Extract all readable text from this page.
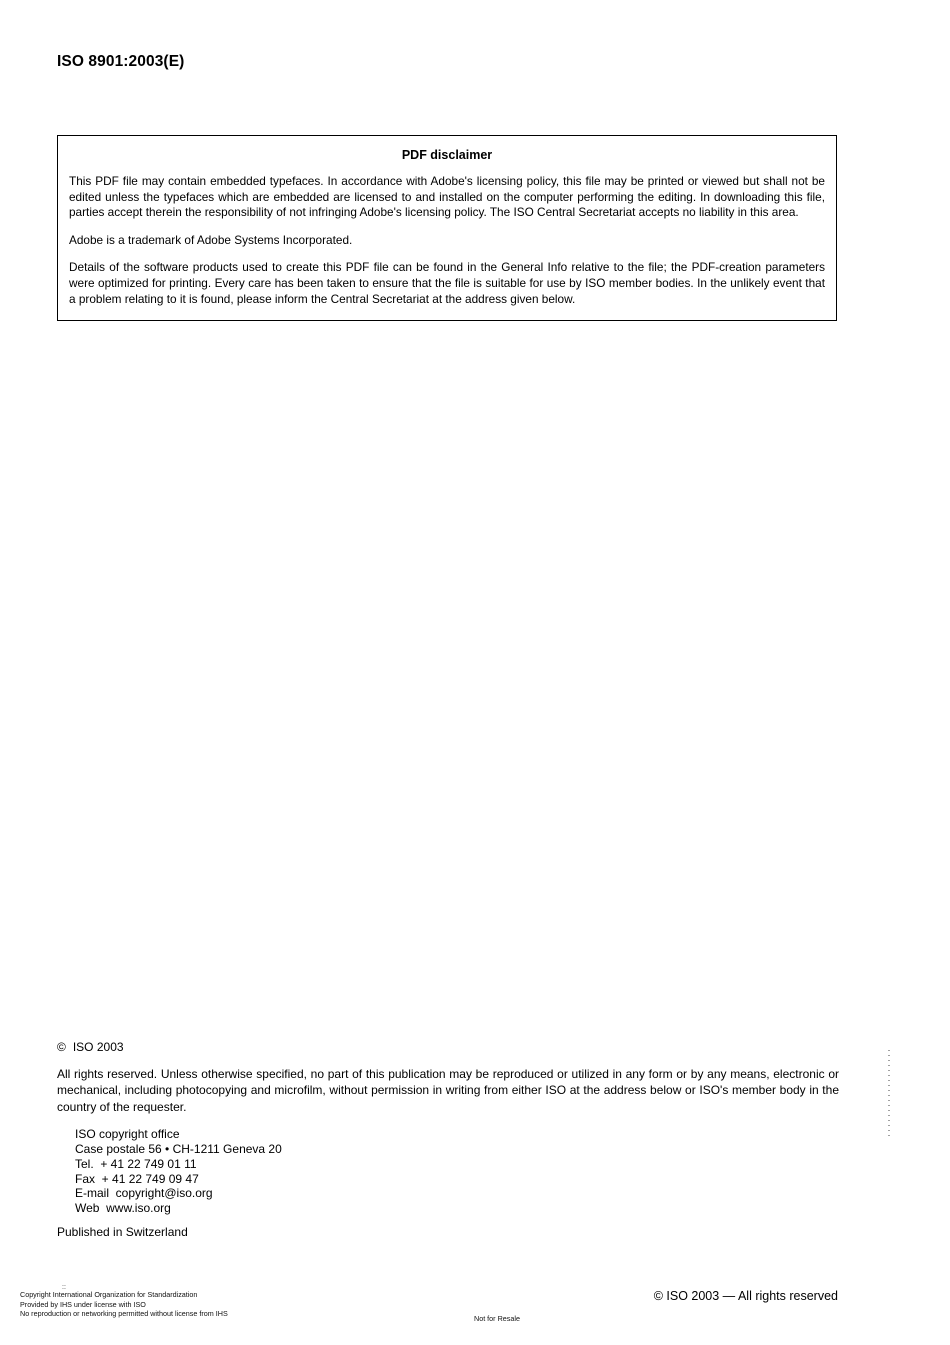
ISO 8901:2003(E)
PDF disclaimer

This PDF file may contain embedded typefaces. In accordance with Adobe's licensing policy, this file may be printed or viewed but shall not be edited unless the typefaces which are embedded are licensed to and installed on the computer performing the editing. In downloading this file, parties accept therein the responsibility of not infringing Adobe's licensing policy. The ISO Central Secretariat accepts no liability in this area.

Adobe is a trademark of Adobe Systems Incorporated.

Details of the software products used to create this PDF file can be found in the General Info relative to the file; the PDF-creation parameters were optimized for printing. Every care has been taken to ensure that the file is suitable for use by ISO member bodies. In the unlikely event that a problem relating to it is found, please inform the Central Secretariat at the address given below.

© ISO 2003

All rights reserved. Unless otherwise specified, no part of this publication may be reproduced or utilized in any form or by any means, electronic or mechanical, including photocopying and microfilm, without permission in writing from either ISO at the address below or ISO's member body in the country of the requester.

ISO copyright office
Case postale 56 • CH-1211 Geneva 20
Tel.  + 41 22 749 01 11
Fax  + 41 22 749 09 47
E-mail  copyright@iso.org
Web  www.iso.org
Published in Switzerland
::
Copyright International Organization for Standardization
Provided by IHS under license with ISO
No reproduction or networking permitted without license from IHS
Not for Resale
© ISO 2003 — All rights reserved
